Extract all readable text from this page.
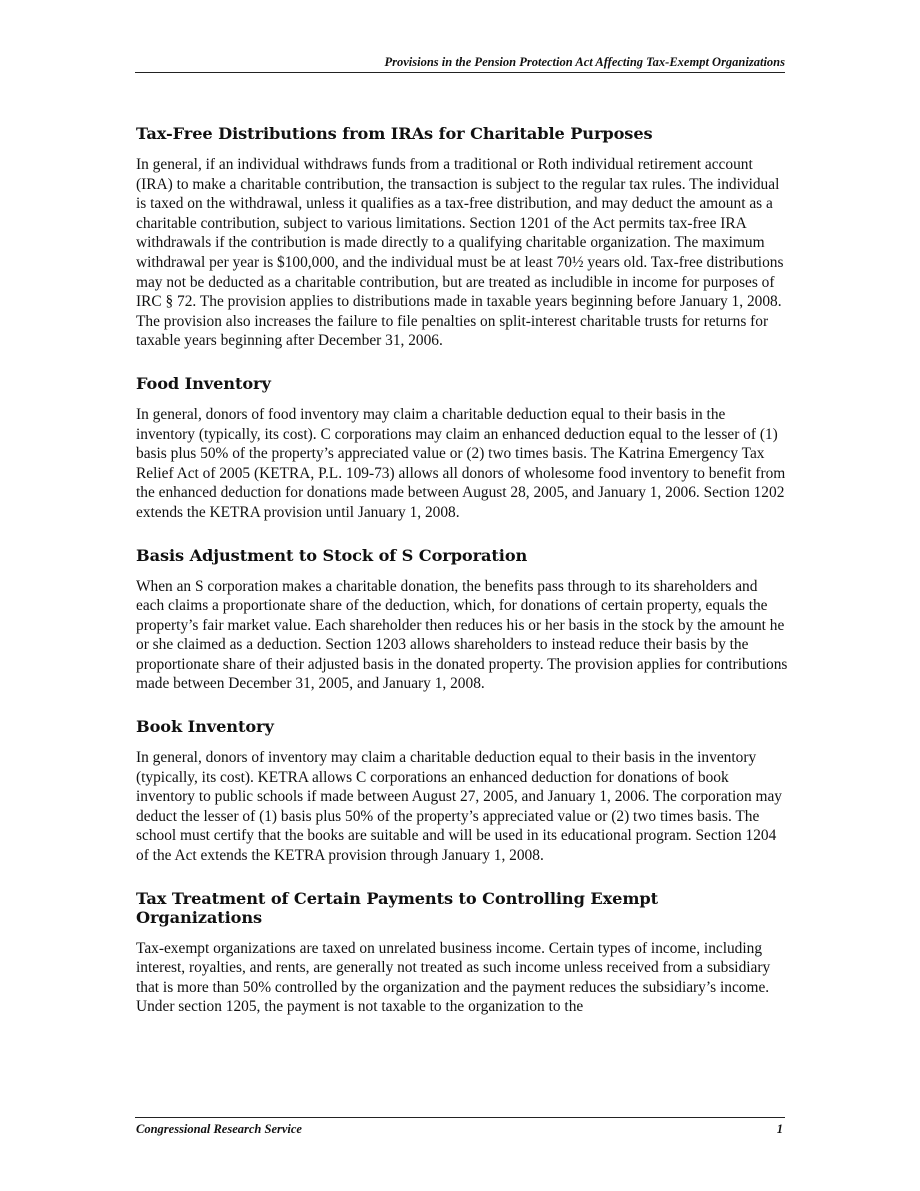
Provisions in the Pension Protection Act Affecting Tax-Exempt Organizations
Tax-Free Distributions from IRAs for Charitable Purposes

In general, if an individual withdraws funds from a traditional or Roth individual retirement account (IRA) to make a charitable contribution, the transaction is subject to the regular tax rules. The individual is taxed on the withdrawal, unless it qualifies as a tax-free distribution, and may deduct the amount as a charitable contribution, subject to various limitations. Section 1201 of the Act permits tax-free IRA withdrawals if the contribution is made directly to a qualifying charitable organization. The maximum withdrawal per year is $100,000, and the individual must be at least 70½ years old. Tax-free distributions may not be deducted as a charitable contribution, but are treated as includible in income for purposes of IRC § 72. The provision applies to distributions made in taxable years beginning before January 1, 2008. The provision also increases the failure to file penalties on split-interest charitable trusts for returns for taxable years beginning after December 31, 2006.

Food Inventory

In general, donors of food inventory may claim a charitable deduction equal to their basis in the inventory (typically, its cost). C corporations may claim an enhanced deduction equal to the lesser of (1) basis plus 50% of the property’s appreciated value or (2) two times basis. The Katrina Emergency Tax Relief Act of 2005 (KETRA, P.L. 109-73) allows all donors of wholesome food inventory to benefit from the enhanced deduction for donations made between August 28, 2005, and January 1, 2006. Section 1202 extends the KETRA provision until January 1, 2008.

Basis Adjustment to Stock of S Corporation

When an S corporation makes a charitable donation, the benefits pass through to its shareholders and each claims a proportionate share of the deduction, which, for donations of certain property, equals the property’s fair market value. Each shareholder then reduces his or her basis in the stock by the amount he or she claimed as a deduction. Section 1203 allows shareholders to instead reduce their basis by the proportionate share of their adjusted basis in the donated property. The provision applies for contributions made between December 31, 2005, and January 1, 2008.

Book Inventory

In general, donors of inventory may claim a charitable deduction equal to their basis in the inventory (typically, its cost). KETRA allows C corporations an enhanced deduction for donations of book inventory to public schools if made between August 27, 2005, and January 1, 2006. The corporation may deduct the lesser of (1) basis plus 50% of the property’s appreciated value or (2) two times basis. The school must certify that the books are suitable and will be used in its educational program. Section 1204 of the Act extends the KETRA provision through January 1, 2008.

Tax Treatment of Certain Payments to Controlling Exempt Organizations

Tax-exempt organizations are taxed on unrelated business income. Certain types of income, including interest, royalties, and rents, are generally not treated as such income unless received from a subsidiary that is more than 50% controlled by the organization and the payment reduces the subsidiary’s income. Under section 1205, the payment is not taxable to the organization to the

Congressional Research Service	1
